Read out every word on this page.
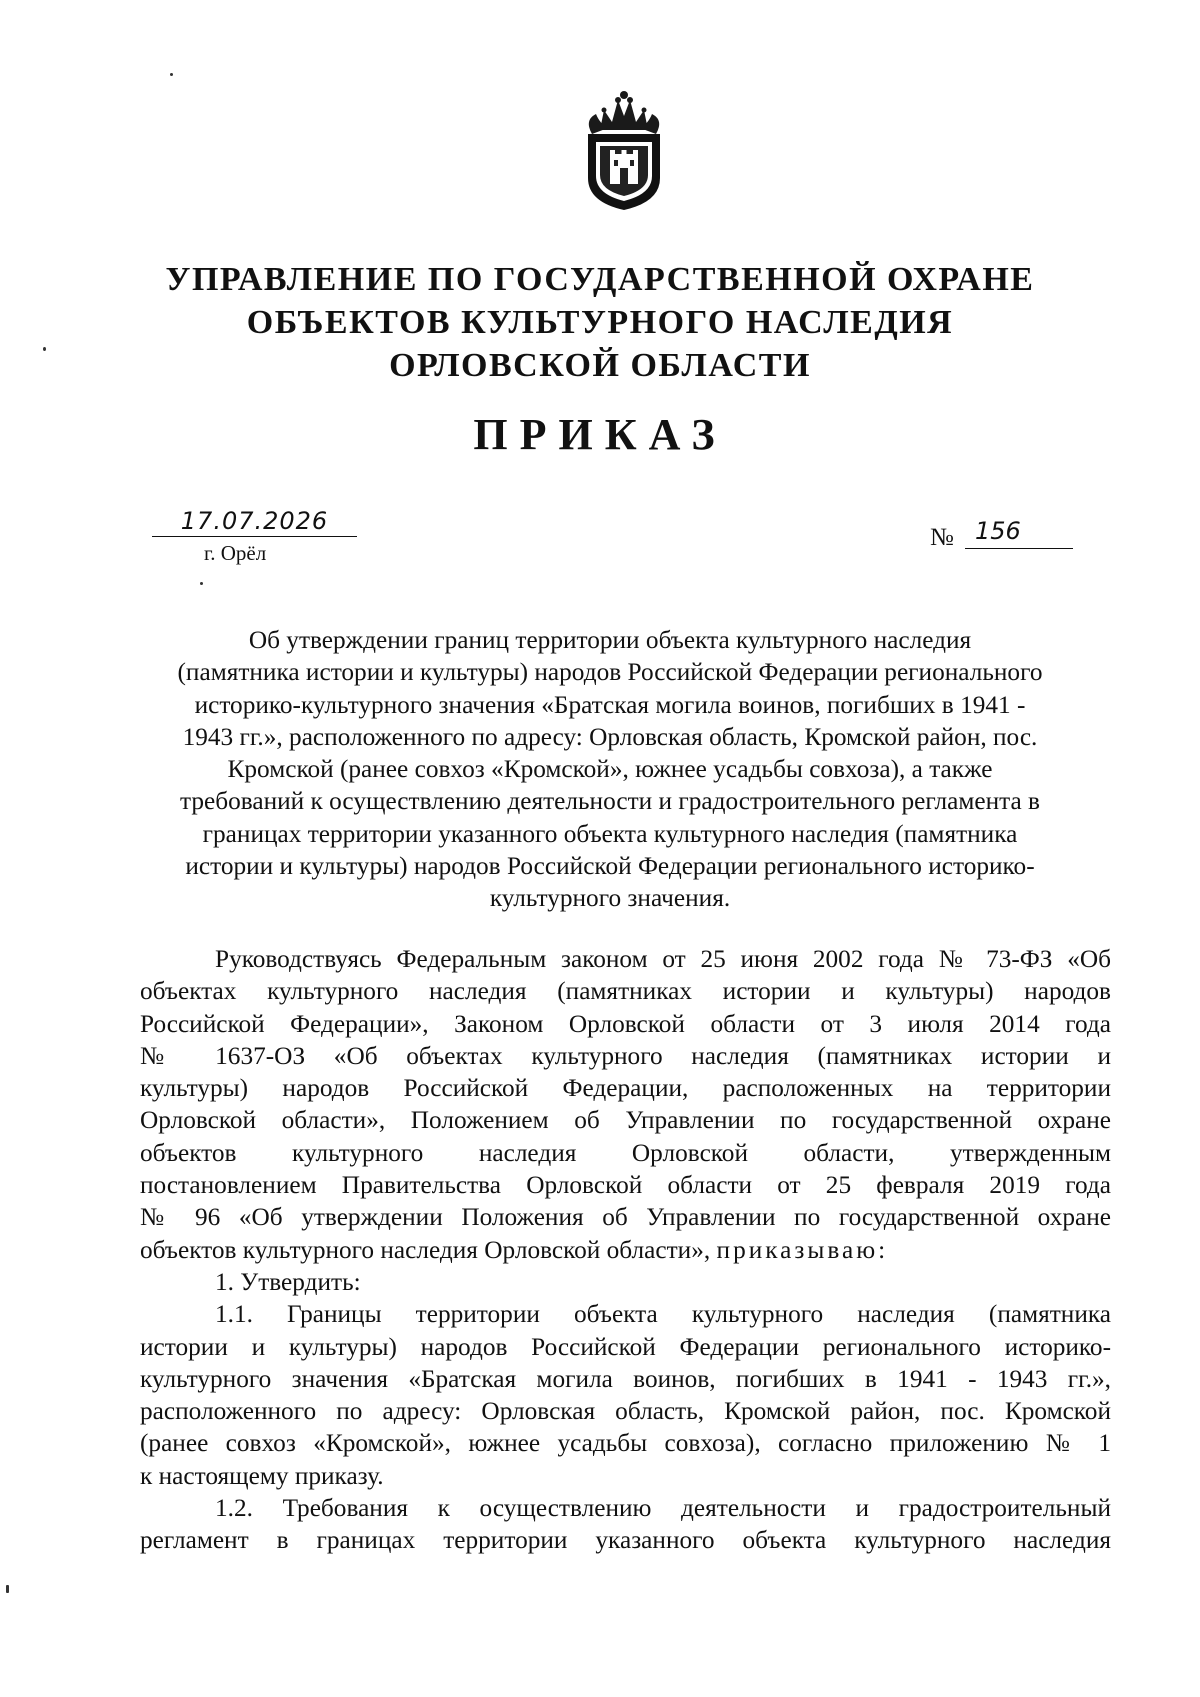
УПРАВЛЕНИЕ ПО ГОСУДАРСТВЕННОЙ ОХРАНЕ
ОБЪЕКТОВ КУЛЬТУРНОГО НАСЛЕДИЯ
ОРЛОВСКОЙ ОБЛАСТИ
ПРИКАЗ
17.07.2026
г. Орёл
№ 156
Об утверждении границ территории объекта культурного наследия
(памятника истории и культуры) народов Российской Федерации регионального
историко-культурного значения «Братская могила воинов, погибших в 1941 -
1943 гг.», расположенного по адресу: Орловская область, Кромской район, пос.
Кромской (ранее совхоз «Кромской», южнее усадьбы совхоза), а также
требований к осуществлению деятельности и градостроительного регламента в
границах территории указанного объекта культурного наследия (памятника
истории и культуры) народов Российской Федерации регионального историко-
культурного значения.
Руководствуясь Федеральным законом от 25 июня 2002 года № 73-ФЗ «Об
объектах культурного наследия (памятниках истории и культуры) народов
Российской Федерации», Законом Орловской области от 3 июля 2014 года
№ 1637-ОЗ «Об объектах культурного наследия (памятниках истории и
культуры) народов Российской Федерации, расположенных на территории
Орловской области», Положением об Управлении по государственной охране
объектов культурного наследия Орловской области, утвержденным
постановлением Правительства Орловской области от 25 февраля 2019 года
№ 96 «Об утверждении Положения об Управлении по государственной охране
объектов культурного наследия Орловской области», приказываю:
1. Утвердить:
1.1. Границы территории объекта культурного наследия (памятника
истории и культуры) народов Российской Федерации регионального историко-
культурного значения «Братская могила воинов, погибших в 1941 - 1943 гг.»,
расположенного по адресу: Орловская область, Кромской район, пос. Кромской
(ранее совхоз «Кромской», южнее усадьбы совхоза), согласно приложению № 1
к настоящему приказу.
1.2. Требования к осуществлению деятельности и градостроительный
регламент в границах территории указанного объекта культурного наследия
